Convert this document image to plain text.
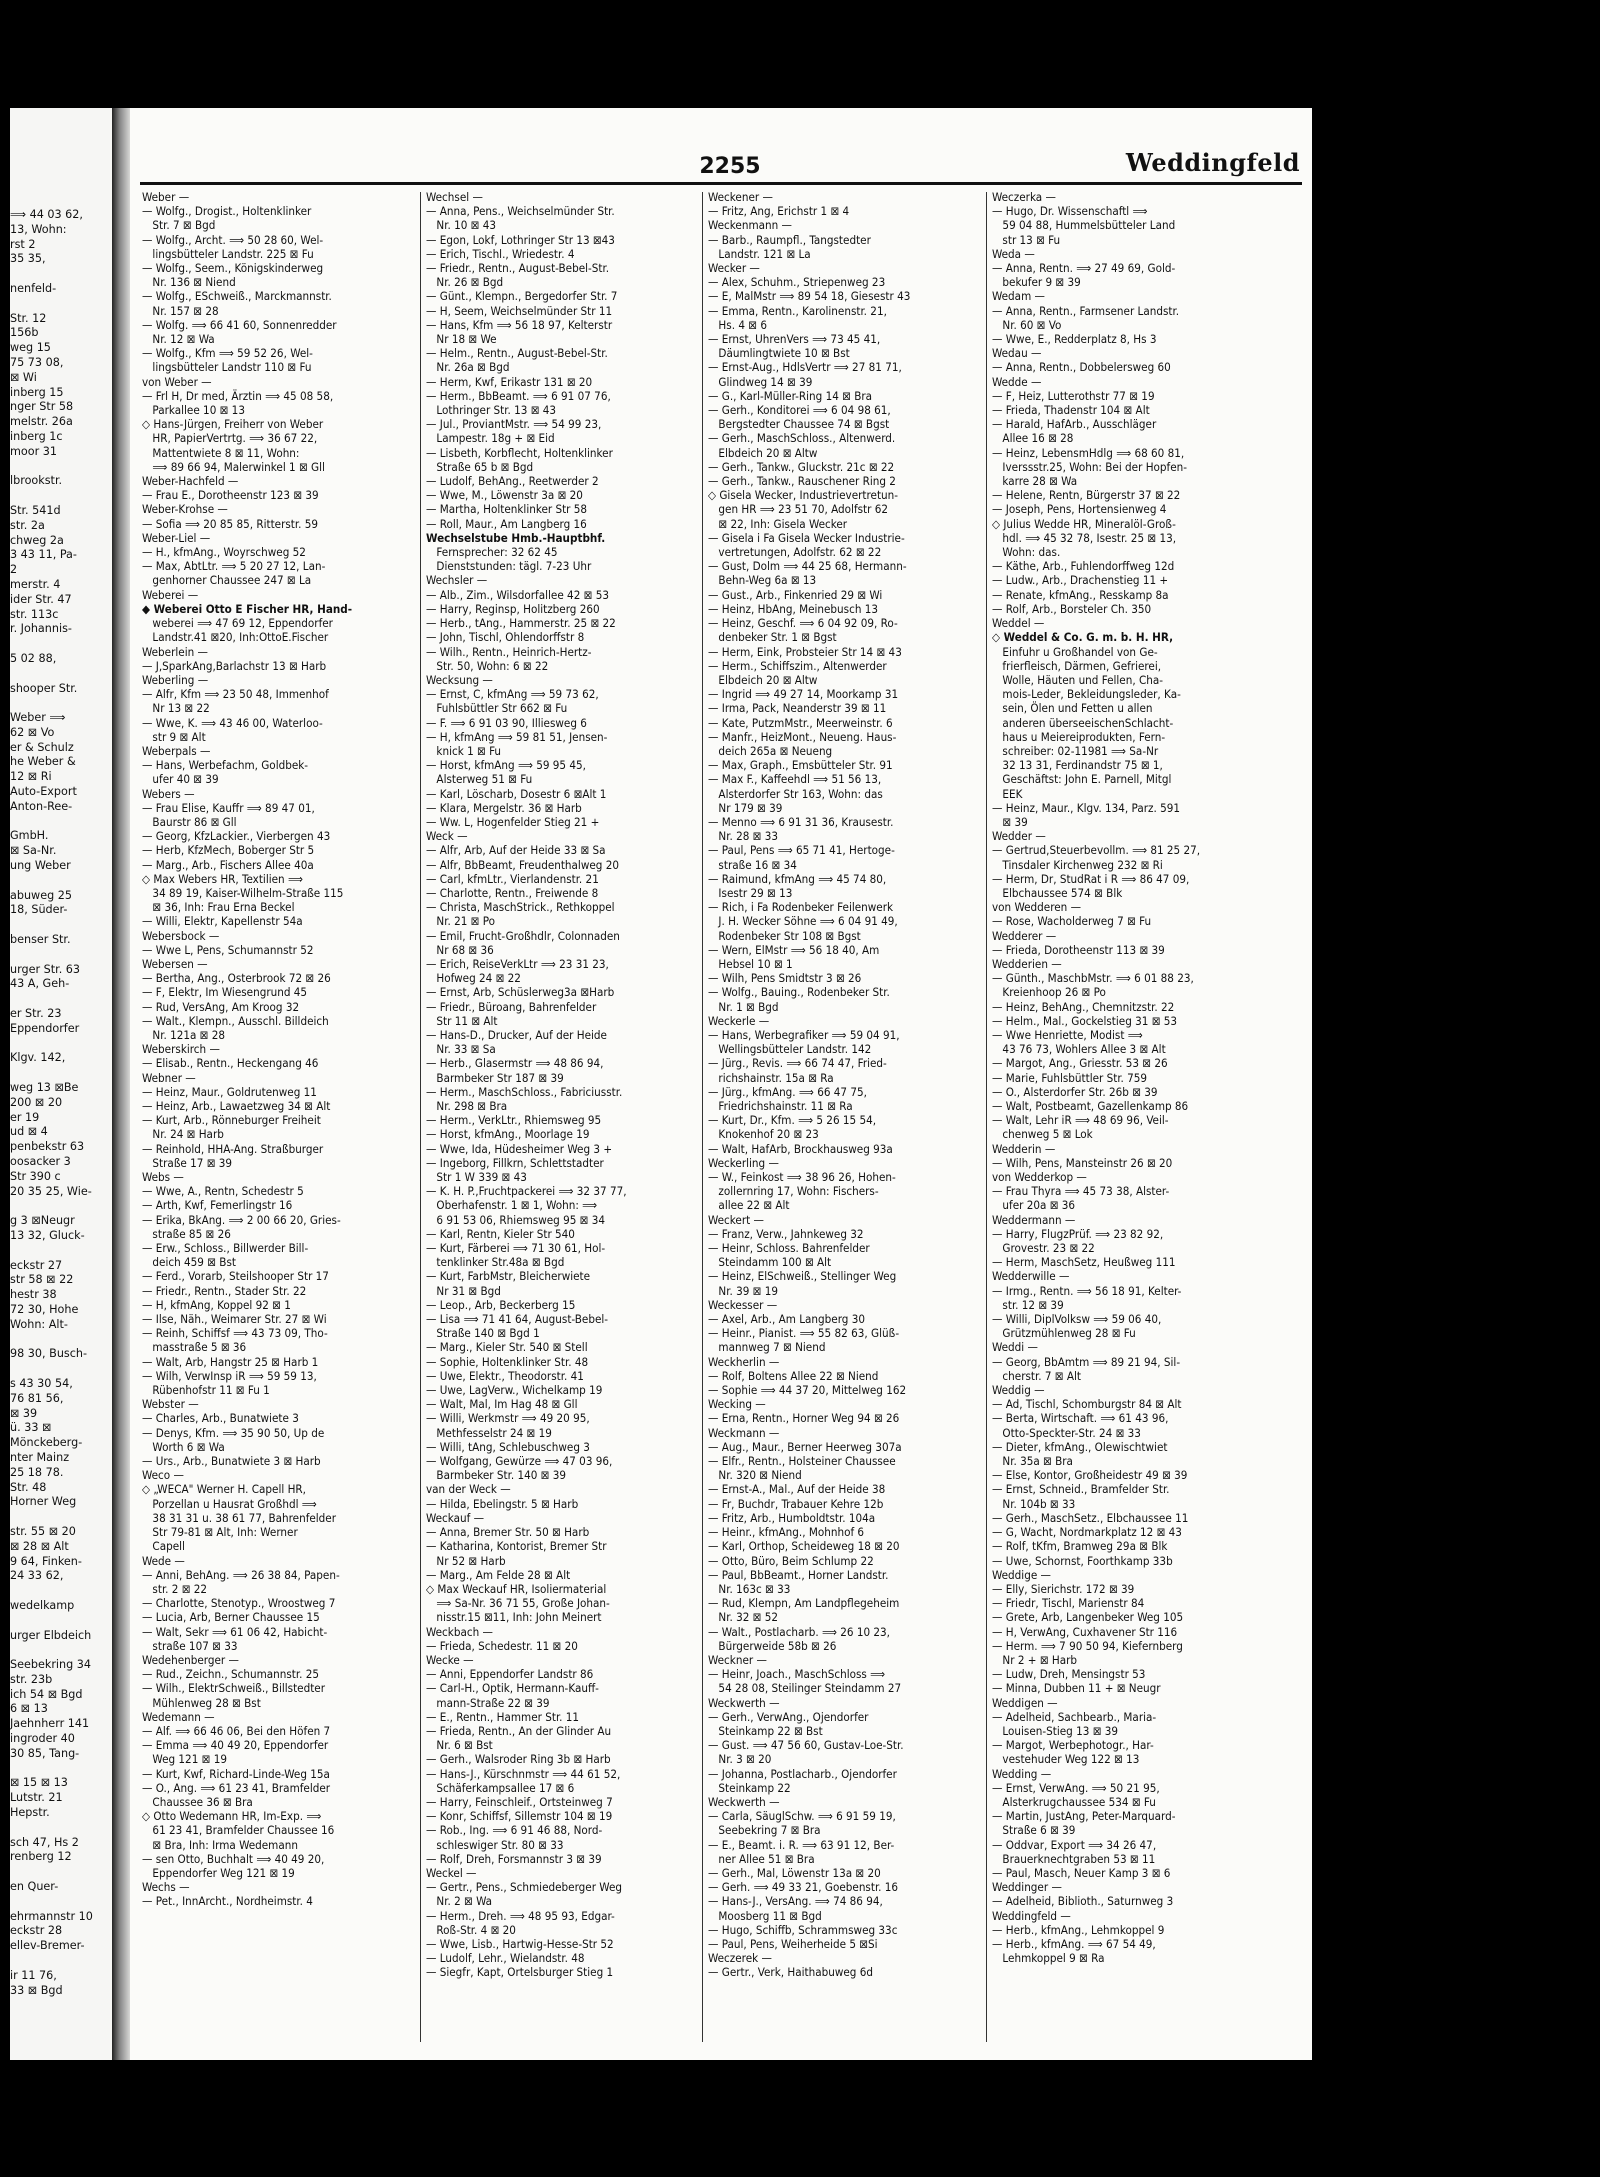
⟹ 44 03 62,
13, Wohn:
rst 2
35 35,

nenfeld-

Str. 12
156b
weg 15
75 73 08,
⊠ Wi
inberg 15
nger Str 58
melstr. 26a
inberg 1c
moor 31

lbrookstr.

Str. 541d
str. 2a
chweg 2a
3 43 11, Pa-
2
merstr. 4
ider Str. 47
str. 113c
r. Johannis-

5 02 88,

shooper Str.

Weber ⟹
62 ⊠ Vo
er & Schulz
he Weber &
12 ⊠ Ri
Auto-Export
Anton-Ree-

GmbH.
⊠ Sa-Nr.
ung Weber

abuweg 25
18, Süder-

benser Str.

urger Str. 63
43 A, Geh-

er Str. 23
Eppendorfer

Klgv. 142,

weg 13 ⊠Be
200 ⊠ 20
er 19
ud ⊠ 4
penbekstr 63
oosacker 3
Str 390 c
20 35 25, Wie-

g 3 ⊠Neugr
13 32, Gluck-

eckstr 27
str 58 ⊠ 22
hestr 38
72 30, Hohe
Wohn: Alt-

98 30, Busch-

s 43 30 54,
76 81 56,
⊠ 39
ü. 33 ⊠
Mönckeberg-
nter Mainz
25 18 78.
Str. 48
Horner Weg

str. 55 ⊠ 20
⊠ 28 ⊠ Alt
9 64, Finken-
24 33 62,

wedelkamp

urger Elbdeich

Seebekring 34
str. 23b
ich 54 ⊠ Bgd
6 ⊠ 13
Jaehnherr 141
ingroder 40
30 85, Tang-

⊠ 15 ⊠ 13
Lutstr. 21
Hepstr.

sch 47, Hs 2
renberg 12

en Quer-

ehrmannstr 10
eckstr 28
ellev-Bremer-

ir 11 76,
33 ⊠ Bgd
2255	Weddingfeld
Weber —
— Wolfg., Drogist., Holtenklinker
 Str. 7 ⊠ Bgd
— Wolfg., Archt. ⟹ 50 28 60, Wel-
 lingsbütteler Landstr. 225 ⊠ Fu
— Wolfg., Seem., Königskinderweg
 Nr. 136 ⊠ Niend
— Wolfg., ESchweiß., Marckmannstr.
 Nr. 157 ⊠ 28
— Wolfg. ⟹ 66 41 60, Sonnenredder
 Nr. 12 ⊠ Wa
— Wolfg., Kfm ⟹ 59 52 26, Wel-
 lingsbütteler Landstr 110 ⊠ Fu
von Weber —
— Frl H, Dr med, Ärztin ⟹ 45 08 58,
 Parkallee 10 ⊠ 13
◇ Hans-Jürgen, Freiherr von Weber
 HR, PapierVertrtg. ⟹ 36 67 22,
 Mattentwiete 8 ⊠ 11, Wohn:
 ⟹ 89 66 94, Malerwinkel 1 ⊠ Gll
Weber-Hachfeld —
— Frau E., Dorotheenstr 123 ⊠ 39
Weber-Krohse —
— Sofia ⟹ 20 85 85, Ritterstr. 59
Weber-Liel —
— H., kfmAng., Woyrschweg 52
— Max, AbtLtr. ⟹ 5 20 27 12, Lan-
 genhorner Chaussee 247 ⊠ La
Weberei —
◆ Weberei Otto E Fischer HR, Hand-
 weberei ⟹ 47 69 12, Eppendorfer
 Landstr.41 ⊠20, Inh:OttoE.Fischer
Weberlein —
— J,SparkAng,Barlachstr 13 ⊠ Harb
Weberling —
— Alfr, Kfm ⟹ 23 50 48, Immenhof
 Nr 13 ⊠ 22
— Wwe, K. ⟹ 43 46 00, Waterloo-
 str 9 ⊠ Alt
Weberpals —
— Hans, Werbefachm, Goldbek-
 ufer 40 ⊠ 39
Webers —
— Frau Elise, Kauffr ⟹ 89 47 01,
 Baurstr 86 ⊠ Gll
— Georg, KfzLackier., Vierbergen 43
— Herb, KfzMech, Boberger Str 5
— Marg., Arb., Fischers Allee 40a
◇ Max Webers HR, Textilien ⟹
 34 89 19, Kaiser-Wilhelm-Straße 115
 ⊠ 36, Inh: Frau Erna Beckel
— Willi, Elektr, Kapellenstr 54a
Webersbock —
— Wwe L, Pens, Schumannstr 52
Webersen —
— Bertha, Ang., Osterbrook 72 ⊠ 26
— F, Elektr, Im Wiesengrund 45
— Rud, VersAng, Am Kroog 32
— Walt., Klempn., Ausschl. Billdeich
 Nr. 121a ⊠ 28
Weberskirch —
— Elisab., Rentn., Heckengang 46
Webner —
— Heinz, Maur., Goldrutenweg 11
— Heinz, Arb., Lawaetzweg 34 ⊠ Alt
— Kurt, Arb., Rönneburger Freiheit
 Nr. 24 ⊠ Harb
— Reinhold, HHA-Ang. Straßburger
 Straße 17 ⊠ 39
Webs —
— Wwe, A., Rentn, Schedestr 5
— Arth, Kwf, Femerlingstr 16
— Erika, BkAng. ⟹ 2 00 66 20, Gries-
 straße 85 ⊠ 26
— Erw., Schloss., Billwerder Bill-
 deich 459 ⊠ Bst
— Ferd., Vorarb, Steilshooper Str 17
— Friedr., Rentn., Stader Str. 22
— H, kfmAng, Koppel 92 ⊠ 1
— Ilse, Näh., Weimarer Str. 27 ⊠ Wi
— Reinh, Schiffsf ⟹ 43 73 09, Tho-
 masstraße 5 ⊠ 36
— Walt, Arb, Hangstr 25 ⊠ Harb 1
— Wilh, VerwInsp iR ⟹ 59 59 13,
 Rübenhofstr 11 ⊠ Fu 1
Webster —
— Charles, Arb., Bunatwiete 3
— Denys, Kfm. ⟹ 35 90 50, Up de
 Worth 6 ⊠ Wa
— Urs., Arb., Bunatwiete 3 ⊠ Harb
Weco —
◇ „WECA" Werner H. Capell HR,
 Porzellan u Hausrat Großhdl ⟹
 38 31 31 u. 38 61 77, Bahrenfelder
 Str 79-81 ⊠ Alt, Inh: Werner
 Capell
Wede —
— Anni, BehAng. ⟹ 26 38 84, Papen-
 str. 2 ⊠ 22
— Charlotte, Stenotyp., Wroostweg 7
— Lucia, Arb, Berner Chaussee 15
— Walt, Sekr ⟹ 61 06 42, Habicht-
 straße 107 ⊠ 33
Wedehenberger —
— Rud., Zeichn., Schumannstr. 25
— Wilh., ElektrSchweiß., Billstedter
 Mühlenweg 28 ⊠ Bst
Wedemann —
— Alf. ⟹ 66 46 06, Bei den Höfen 7
— Emma ⟹ 40 49 20, Eppendorfer
 Weg 121 ⊠ 19
— Kurt, Kwf, Richard-Linde-Weg 15a
— O., Ang. ⟹ 61 23 41, Bramfelder
 Chaussee 36 ⊠ Bra
◇ Otto Wedemann HR, Im-Exp. ⟹
 61 23 41, Bramfelder Chaussee 16
 ⊠ Bra, Inh: Irma Wedemann
— sen Otto, Buchhalt ⟹ 40 49 20,
 Eppendorfer Weg 121 ⊠ 19
Wechs —
— Pet., InnArcht., Nordheimstr. 4
Wechsel —
— Anna, Pens., Weichselmünder Str.
 Nr. 10 ⊠ 43
— Egon, Lokf, Lothringer Str 13 ⊠43
— Erich, Tischl., Wriedestr. 4
— Friedr., Rentn., August-Bebel-Str.
 Nr. 26 ⊠ Bgd
— Günt., Klempn., Bergedorfer Str. 7
— H, Seem, Weichselmünder Str 11
— Hans, Kfm ⟹ 56 18 97, Kelterstr
 Nr 18 ⊠ We
— Helm., Rentn., August-Bebel-Str.
 Nr. 26a ⊠ Bgd
— Herm, Kwf, Erikastr 131 ⊠ 20
— Herm., BbBeamt. ⟹ 6 91 07 76,
 Lothringer Str. 13 ⊠ 43
— Jul., ProviantMstr. ⟹ 54 99 23,
 Lampestr. 18g + ⊠ Eid
— Lisbeth, Korbflecht, Holtenklinker
 Straße 65 b ⊠ Bgd
— Ludolf, BehAng., Reetwerder 2
— Wwe, M., Löwenstr 3a ⊠ 20
— Martha, Holtenklinker Str 58
— Roll, Maur., Am Langberg 16
Wechselstube Hmb.-Hauptbhf.
 Fernsprecher: 32 62 45
 Dienststunden: tägl. 7-23 Uhr
Wechsler —
— Alb., Zim., Wilsdorfallee 42 ⊠ 53
— Harry, Reginsp, Holitzberg 260
— Herb., tAng., Hammerstr. 25 ⊠ 22
— John, Tischl, Ohlendorffstr 8
— Wilh., Rentn., Heinrich-Hertz-
 Str. 50, Wohn: 6 ⊠ 22
Wecksung —
— Ernst, C, kfmAng ⟹ 59 73 62,
 Fuhlsbüttler Str 662 ⊠ Fu
— F. ⟹ 6 91 03 90, Illiesweg 6
— H, kfmAng ⟹ 59 81 51, Jensen-
 knick 1 ⊠ Fu
— Horst, kfmAng ⟹ 59 95 45,
 Alsterweg 51 ⊠ Fu
— Karl, Löscharb, Dosestr 6 ⊠Alt 1
— Klara, Mergelstr. 36 ⊠ Harb
— Ww. L, Hogenfelder Stieg 21 +
Weck —
— Alfr, Arb, Auf der Heide 33 ⊠ Sa
— Alfr, BbBeamt, Freudenthalweg 20
— Carl, kfmLtr., Vierlandenstr. 21
— Charlotte, Rentn., Freiwende 8
— Christa, MaschStrick., Rethkoppel
 Nr. 21 ⊠ Po
— Emil, Frucht-Großhdlr, Colonnaden
 Nr 68 ⊠ 36
— Erich, ReiseVerkLtr ⟹ 23 31 23,
 Hofweg 24 ⊠ 22
— Ernst, Arb, Schüslerweg3a ⊠Harb
— Friedr., Büroang, Bahrenfelder
 Str 11 ⊠ Alt
— Hans-D., Drucker, Auf der Heide
 Nr. 33 ⊠ Sa
— Herb., Glasermstr ⟹ 48 86 94,
 Barmbeker Str 187 ⊠ 39
— Herm., MaschSchloss., Fabriciusstr.
 Nr. 298 ⊠ Bra
— Herm., VerkLtr., Rhiemsweg 95
— Horst, kfmAng., Moorlage 19
— Wwe, Ida, Hüdesheimer Weg 3 +
— Ingeborg, Fillkrn, Schlettstadter
 Str 1 W 339 ⊠ 43
— K. H. P.,Fruchtpackerei ⟹ 32 37 77,
 Oberhafenstr. 1 ⊠ 1, Wohn: ⟹
 6 91 53 06, Rhiemsweg 95 ⊠ 34
— Karl, Rentn, Kieler Str 540
— Kurt, Färberei ⟹ 71 30 61, Hol-
 tenklinker Str.48a ⊠ Bgd
— Kurt, FarbMstr, Bleicherwiete
 Nr 31 ⊠ Bgd
— Leop., Arb, Beckerberg 15
— Lisa ⟹ 71 41 64, August-Bebel-
 Straße 140 ⊠ Bgd 1
— Marg., Kieler Str. 540 ⊠ Stell
— Sophie, Holtenklinker Str. 48
— Uwe, Elektr., Theodorstr. 41
— Uwe, LagVerw., Wichelkamp 19
— Walt, Mal, Im Hag 48 ⊠ Gll
— Willi, Werkmstr ⟹ 49 20 95,
 Methfesselstr 24 ⊠ 19
— Willi, tAng, Schlebuschweg 3
— Wolfgang, Gewürze ⟹ 47 03 96,
 Barmbeker Str. 140 ⊠ 39
van der Weck —
— Hilda, Ebelingstr. 5 ⊠ Harb
Weckauf —
— Anna, Bremer Str. 50 ⊠ Harb
— Katharina, Kontorist, Bremer Str
 Nr 52 ⊠ Harb
— Marg., Am Felde 28 ⊠ Alt
◇ Max Weckauf HR, Isoliermaterial
 ⟹ Sa-Nr. 36 71 55, Große Johan-
 nisstr.15 ⊠11, Inh: John Meinert
Weckbach —
— Frieda, Schedestr. 11 ⊠ 20
Wecke —
— Anni, Eppendorfer Landstr 86
— Carl-H., Optik, Hermann-Kauff-
 mann-Straße 22 ⊠ 39
— E., Rentn., Hammer Str. 11
— Frieda, Rentn., An der Glinder Au
 Nr. 6 ⊠ Bst
— Gerh., Walsroder Ring 3b ⊠ Harb
— Hans-J., Kürschnmstr ⟹ 44 61 52,
 Schäferkampsallee 17 ⊠ 6
— Harry, Feinschleif., Ortsteinweg 7
— Konr, Schiffsf, Sillemstr 104 ⊠ 19
— Rob., Ing. ⟹ 6 91 46 88, Nord-
 schleswiger Str. 80 ⊠ 33
— Rolf, Dreh, Forsmannstr 3 ⊠ 39
Weckel —
— Gertr., Pens., Schmiedeberger Weg
 Nr. 2 ⊠ Wa
— Herm., Dreh. ⟹ 48 95 93, Edgar-
 Roß-Str. 4 ⊠ 20
— Wwe, Lisb., Hartwig-Hesse-Str 52
— Ludolf, Lehr., Wielandstr. 48
— Siegfr, Kapt, Ortelsburger Stieg 1
Weckener —
— Fritz, Ang, Erichstr 1 ⊠ 4
Weckenmann —
— Barb., Raumpfl., Tangstedter
 Landstr. 121 ⊠ La
Wecker —
— Alex, Schuhm., Striepenweg 23
— E, MalMstr ⟹ 89 54 18, Giesestr 43
— Emma, Rentn., Karolinenstr. 21,
 Hs. 4 ⊠ 6
— Ernst, UhrenVers ⟹ 73 45 41,
 Däumlingtwiete 10 ⊠ Bst
— Ernst-Aug., HdlsVertr ⟹ 27 81 71,
 Glindweg 14 ⊠ 39
— G., Karl-Müller-Ring 14 ⊠ Bra
— Gerh., Konditorei ⟹ 6 04 98 61,
 Bergstedter Chaussee 74 ⊠ Bgst
— Gerh., MaschSchloss., Altenwerd.
 Elbdeich 20 ⊠ Altw
— Gerh., Tankw., Gluckstr. 21c ⊠ 22
— Gerh., Tankw., Rauschener Ring 2
◇ Gisela Wecker, Industrievertretun-
 gen HR ⟹ 23 51 70, Adolfstr 62
 ⊠ 22, Inh: Gisela Wecker
— Gisela i Fa Gisela Wecker Industrie-
 vertretungen, Adolfstr. 62 ⊠ 22
— Gust, Dolm ⟹ 44 25 68, Hermann-
 Behn-Weg 6a ⊠ 13
— Gust., Arb., Finkenried 29 ⊠ Wi
— Heinz, HbAng, Meinebusch 13
— Heinz, Geschf. ⟹ 6 04 92 09, Ro-
 denbeker Str. 1 ⊠ Bgst
— Herm, Eink, Probsteier Str 14 ⊠ 43
— Herm., Schiffszim., Altenwerder
 Elbdeich 20 ⊠ Altw
— Ingrid ⟹ 49 27 14, Moorkamp 31
— Irma, Pack, Neanderstr 39 ⊠ 11
— Kate, PutzmMstr., Meerweinstr. 6
— Manfr., HeizMont., Neueng. Haus-
 deich 265a ⊠ Neueng
— Max, Graph., Emsbütteler Str. 91
— Max F., Kaffeehdl ⟹ 51 56 13,
 Alsterdorfer Str 163, Wohn: das
 Nr 179 ⊠ 39
— Menno ⟹ 6 91 31 36, Krausestr.
 Nr. 28 ⊠ 33
— Paul, Pens ⟹ 65 71 41, Hertoge-
 straße 16 ⊠ 34
— Raimund, kfmAng ⟹ 45 74 80,
 Isestr 29 ⊠ 13
— Rich, i Fa Rodenbeker Feilenwerk
 J. H. Wecker Söhne ⟹ 6 04 91 49,
 Rodenbeker Str 108 ⊠ Bgst
— Wern, ElMstr ⟹ 56 18 40, Am
 Hebsel 10 ⊠ 1
— Wilh, Pens Smidtstr 3 ⊠ 26
— Wolfg., Bauing., Rodenbeker Str.
 Nr. 1 ⊠ Bgd
Weckerle —
— Hans, Werbegrafiker ⟹ 59 04 91,
 Wellingsbütteler Landstr. 142
— Jürg., Revis. ⟹ 66 74 47, Fried-
 richshainstr. 15a ⊠ Ra
— Jürg., kfmAng. ⟹ 66 47 75,
 Friedrichshainstr. 11 ⊠ Ra
— Kurt, Dr., Kfm. ⟹ 5 26 15 54,
 Knokenhof 20 ⊠ 23
— Walt, HafArb, Brockhausweg 93a
Weckerling —
— W., Feinkost ⟹ 38 96 26, Hohen-
 zollernring 17, Wohn: Fischers-
 allee 22 ⊠ Alt
Weckert —
— Franz, Verw., Jahnkeweg 32
— Heinr, Schloss. Bahrenfelder
 Steindamm 100 ⊠ Alt
— Heinz, ElSchweiß., Stellinger Weg
 Nr. 39 ⊠ 19
Weckesser —
— Axel, Arb., Am Langberg 30
— Heinr., Pianist. ⟹ 55 82 63, Glüß-
 mannweg 7 ⊠ Niend
Weckherlin —
— Rolf, Boltens Allee 22 ⊠ Niend
— Sophie ⟹ 44 37 20, Mittelweg 162
Wecking —
— Erna, Rentn., Horner Weg 94 ⊠ 26
Weckmann —
— Aug., Maur., Berner Heerweg 307a
— Elfr., Rentn., Holsteiner Chaussee
 Nr. 320 ⊠ Niend
— Ernst-A., Mal., Auf der Heide 38
— Fr, Buchdr, Trabauer Kehre 12b
— Fritz, Arb., Humboldtstr. 104a
— Heinr., kfmAng., Mohnhof 6
— Karl, Orthop, Scheideweg 18 ⊠ 20
— Otto, Büro, Beim Schlump 22
— Paul, BbBeamt., Horner Landstr.
 Nr. 163c ⊠ 33
— Rud, Klempn, Am Landpflegeheim
 Nr. 32 ⊠ 52
— Walt., Postlacharb. ⟹ 26 10 23,
 Bürgerweide 58b ⊠ 26
Weckner —
— Heinr, Joach., MaschSchloss ⟹
 54 28 08, Steilinger Steindamm 27
Weckwerth —
— Gerh., VerwAng., Ojendorfer
 Steinkamp 22 ⊠ Bst
— Gust. ⟹ 47 56 60, Gustav-Loe-Str.
 Nr. 3 ⊠ 20
— Johanna, Postlacharb., Ojendorfer
 Steinkamp 22
Weckwerth —
— Carla, SäuglSchw. ⟹ 6 91 59 19,
 Seebekring 7 ⊠ Bra
— E., Beamt. i. R. ⟹ 63 91 12, Ber-
 ner Allee 51 ⊠ Bra
— Gerh., Mal, Löwenstr 13a ⊠ 20
— Gerh. ⟹ 49 33 21, Goebenstr. 16
— Hans-J., VersAng. ⟹ 74 86 94,
 Moosberg 11 ⊠ Bgd
— Hugo, Schiffb, Schrammsweg 33c
— Paul, Pens, Weiherheide 5 ⊠Si
Weczerek —
— Gertr., Verk, Haithabuweg 6d
Weczerka —
— Hugo, Dr. Wissenschaftl ⟹
 59 04 88, Hummelsbütteler Land
 str 13 ⊠ Fu
Weda —
— Anna, Rentn. ⟹ 27 49 69, Gold-
 bekufer 9 ⊠ 39
Wedam —
— Anna, Rentn., Farmsener Landstr.
 Nr. 60 ⊠ Vo
— Wwe, E., Redderplatz 8, Hs 3
Wedau —
— Anna, Rentn., Dobbelersweg 60
Wedde —
— F, Heiz, Lutterothstr 77 ⊠ 19
— Frieda, Thadenstr 104 ⊠ Alt
— Harald, HafArb., Ausschläger
 Allee 16 ⊠ 28
— Heinz, LebensmHdlg ⟹ 68 60 81,
 Iverssstr.25, Wohn: Bei der Hopfen-
 karre 28 ⊠ Wa
— Helene, Rentn, Bürgerstr 37 ⊠ 22
— Joseph, Pens, Hortensienweg 4
◇ Julius Wedde HR, Mineralöl-Groß-
 hdl. ⟹ 45 32 78, Isestr. 25 ⊠ 13,
 Wohn: das.
— Käthe, Arb., Fuhlendorffweg 12d
— Ludw., Arb., Drachenstieg 11 +
— Renate, kfmAng., Resskamp 8a
— Rolf, Arb., Borsteler Ch. 350
Weddel —
◇ Weddel & Co. G. m. b. H. HR,
 Einfuhr u Großhandel von Ge-
 frierfleisch, Därmen, Gefrierei,
 Wolle, Häuten und Fellen, Cha-
 mois-Leder, Bekleidungsleder, Ka-
 sein, Ölen und Fetten u allen
 anderen überseeischenSchlacht-
 haus u Meiereiprodukten, Fern-
 schreiber: 02-11981 ⟹ Sa-Nr
 32 13 31, Ferdinandstr 75 ⊠ 1,
 Geschäftst: John E. Parnell, Mitgl
 EEK
— Heinz, Maur., Klgv. 134, Parz. 591
 ⊠ 39
Wedder —
— Gertrud,Steuerbevollm. ⟹ 81 25 27,
 Tinsdaler Kirchenweg 232 ⊠ Ri
— Herm, Dr, StudRat i R ⟹ 86 47 09,
 Elbchaussee 574 ⊠ Blk
von Wedderen —
— Rose, Wacholderweg 7 ⊠ Fu
Wedderer —
— Frieda, Dorotheenstr 113 ⊠ 39
Wedderien —
— Günth., MaschbMstr. ⟹ 6 01 88 23,
 Kreienhoop 26 ⊠ Po
— Heinz, BehAng., Chemnitzstr. 22
— Helm., Mal., Gockelstieg 31 ⊠ 53
— Wwe Henriette, Modist ⟹
 43 76 73, Wohlers Allee 3 ⊠ Alt
— Margot, Ang., Griesstr. 53 ⊠ 26
— Marie, Fuhlsbüttler Str. 759
— O., Alsterdorfer Str. 26b ⊠ 39
— Walt, Postbeamt, Gazellenkamp 86
— Walt, Lehr iR ⟹ 48 69 96, Veil-
 chenweg 5 ⊠ Lok
Wedderin —
— Wilh, Pens, Mansteinstr 26 ⊠ 20
von Wedderkop —
— Frau Thyra ⟹ 45 73 38, Alster-
 ufer 20a ⊠ 36
Weddermann —
— Harry, FlugzPrüf. ⟹ 23 82 92,
 Grovestr. 23 ⊠ 22
— Herm, MaschSetz, Heußweg 111
Wedderwille —
— Irmg., Rentn. ⟹ 56 18 91, Kelter-
 str. 12 ⊠ 39
— Willi, DiplVolksw ⟹ 59 06 40,
 Grützmühlenweg 28 ⊠ Fu
Weddi —
— Georg, BbAmtm ⟹ 89 21 94, Sil-
 cherstr. 7 ⊠ Alt
Weddig —
— Ad, Tischl, Schomburgstr 84 ⊠ Alt
— Berta, Wirtschaft. ⟹ 61 43 96,
 Otto-Speckter-Str. 24 ⊠ 33
— Dieter, kfmAng., Olewischtwiet
 Nr. 35a ⊠ Bra
— Else, Kontor, Großheidestr 49 ⊠ 39
— Ernst, Schneid., Bramfelder Str.
 Nr. 104b ⊠ 33
— Gerh., MaschSetz., Elbchaussee 11
— G, Wacht, Nordmarkplatz 12 ⊠ 43
— Rolf, tKfm, Bramweg 29a ⊠ Blk
— Uwe, Schornst, Foorthkamp 33b
Weddige —
— Elly, Sierichstr. 172 ⊠ 39
— Friedr, Tischl, Marienstr 84
— Grete, Arb, Langenbeker Weg 105
— H, VerwAng, Cuxhavener Str 116
— Herm. ⟹ 7 90 50 94, Kiefernberg
 Nr 2 + ⊠ Harb
— Ludw, Dreh, Mensingstr 53
— Minna, Dubben 11 + ⊠ Neugr
Weddigen —
— Adelheid, Sachbearb., Maria-
 Louisen-Stieg 13 ⊠ 39
— Margot, Werbephotogr., Har-
 vestehuder Weg 122 ⊠ 13
Wedding —
— Ernst, VerwAng. ⟹ 50 21 95,
 Alsterkrugchaussee 534 ⊠ Fu
— Martin, JustAng, Peter-Marquard-
 Straße 6 ⊠ 39
— Oddvar, Export ⟹ 34 26 47,
 Brauerknechtgraben 53 ⊠ 11
— Paul, Masch, Neuer Kamp 3 ⊠ 6
Weddinger —
— Adelheid, Biblioth., Saturnweg 3
Weddingfeld —
— Herb., kfmAng., Lehmkoppel 9
— Herb., kfmAng. ⟹ 67 54 49,
 Lehmkoppel 9 ⊠ Ra
